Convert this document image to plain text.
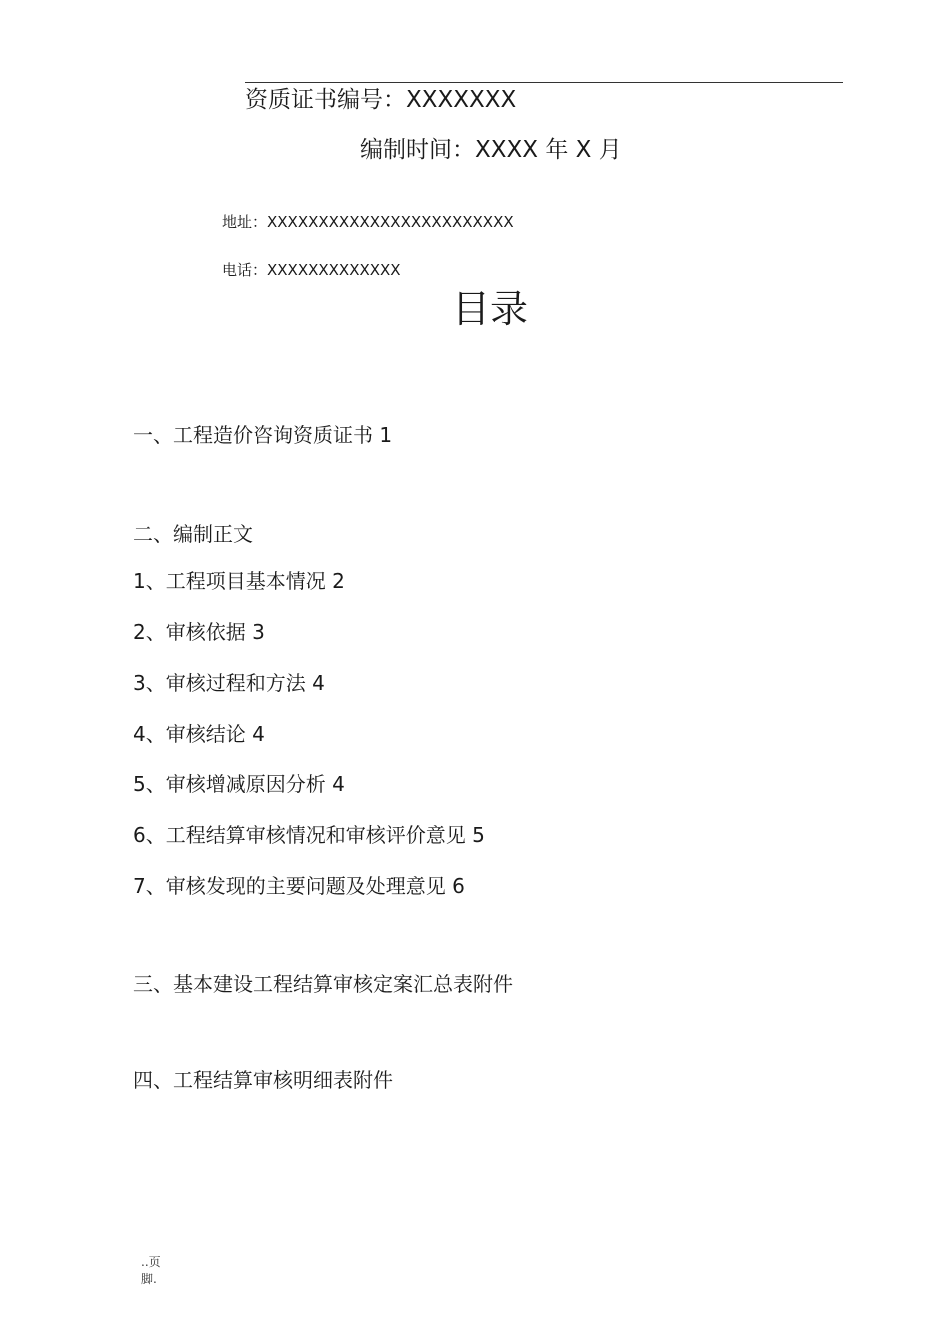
资质证书编号：XXXXXXX
编制时间：XXXX 年 X 月
地址：XXXXXXXXXXXXXXXXXXXXXXXX
电话：XXXXXXXXXXXXX
目录
一、工程造价咨询资质证书 1
二、编制正文
1、工程项目基本情况 2
2、审核依据 3
3、审核过程和方法 4
4、审核结论 4
5、审核增减原因分析 4
6、工程结算审核情况和审核评价意见 5
7、审核发现的主要问题及处理意见 6
三、基本建设工程结算审核定案汇总表附件
四、工程结算审核明细表附件
..页脚.
